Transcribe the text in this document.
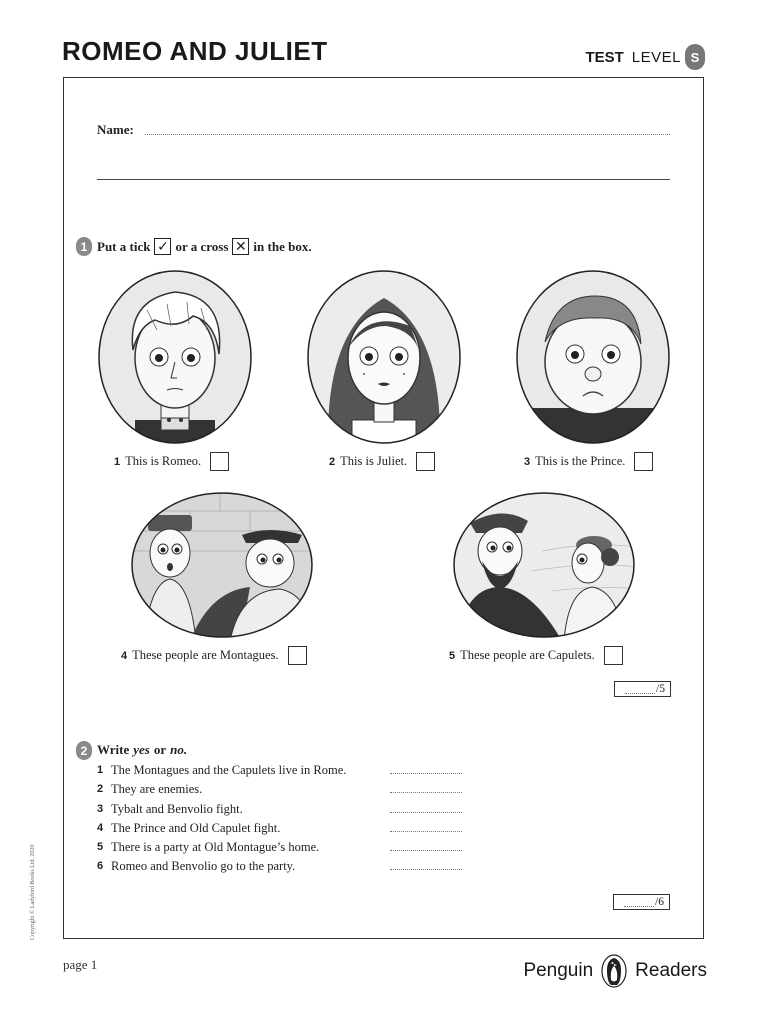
ROMEO AND JULIET	TEST LEVEL S
Name:
1 Put a tick ✓ or a cross ✕ in the box.
1 This is Romeo.	2 This is Juliet.	3 This is the Prince.
4 These people are Montagues.	5 These people are Capulets.
/5
2 Write yes or no.
1 The Montagues and the Capulets live in Rome.
2 They are enemies.
3 Tybalt and Benvolio fight.
4 The Prince and Old Capulet fight.
5 There is a party at Old Montague’s home.
6 Romeo and Benvolio go to the party.
/6
Copyright © Ladybird Books Ltd, 2020
page 1	Penguin Readers
